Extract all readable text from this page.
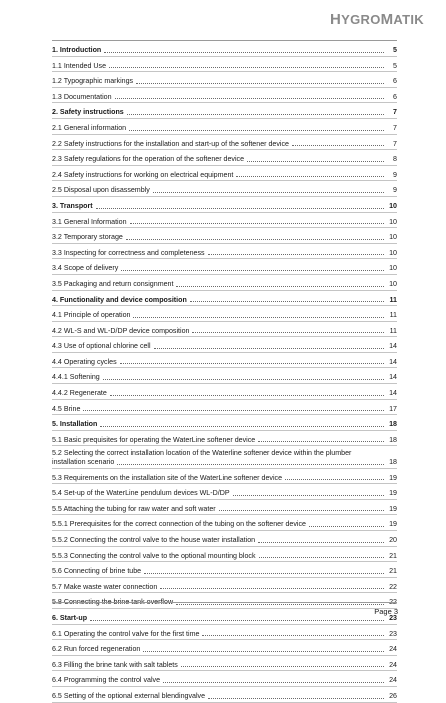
HYGROMATIK
1. Introduction	5
1.1 Intended Use	5
1.2 Typographic markings	6
1.3 Documentation	6
2. Safety instructions	7
2.1 General information	7
2.2 Safety instructions for the installation and start-up of the softener device	7
2.3 Safety regulations for the operation of the softener device	8
2.4 Safety instructions for working on electrical equipment	9
2.5 Disposal upon disassembly	9
3. Transport	10
3.1 General Information	10
3.2 Temporary storage	10
3.3 Inspecting for correctness and completeness	10
3.4 Scope of delivery	10
3.5 Packaging and return consignment	10
4. Functionality and device composition	11
4.1 Principle of operation	11
4.2 WL-S and WL-D/DP device composition	11
4.3 Use of optional chlorine cell	14
4.4 Operating cycles	14
4.4.1 Softening	14
4.4.2 Regenerate	14
4.5 Brine	17
5. Installation	18
5.1 Basic prequisites for operating the WaterLine softener device	18
5.2 Selecting the correct installation location of the Waterline softener device within the plumber
installation scenario	18
5.3 Requirements on the installation site of the WaterLine softener device	19
5.4 Set-up of the WaterLine pendulum devices WL-D/DP	19
5.5 Attaching the tubing for raw water and soft water	19
5.5.1 Prerequisites for the correct connection of the tubing on the softener device	19
5.5.2 Connecting the control valve to the house water installation	20
5.5.3 Connecting the control valve to the optional mounting block	21
5.6 Connecting of brine tube	21
5.7 Make waste water connection	22
5.8 Connecting the brine tank overflow	22
6. Start-up	23
6.1 Operating the control valve for the first time	23
6.2 Run forced regeneration	24
6.3 Filling the brine tank with salt tablets	24
6.4 Programming the control valve	24
6.5 Setting of the optional external blendingvalve	26
Page 3
